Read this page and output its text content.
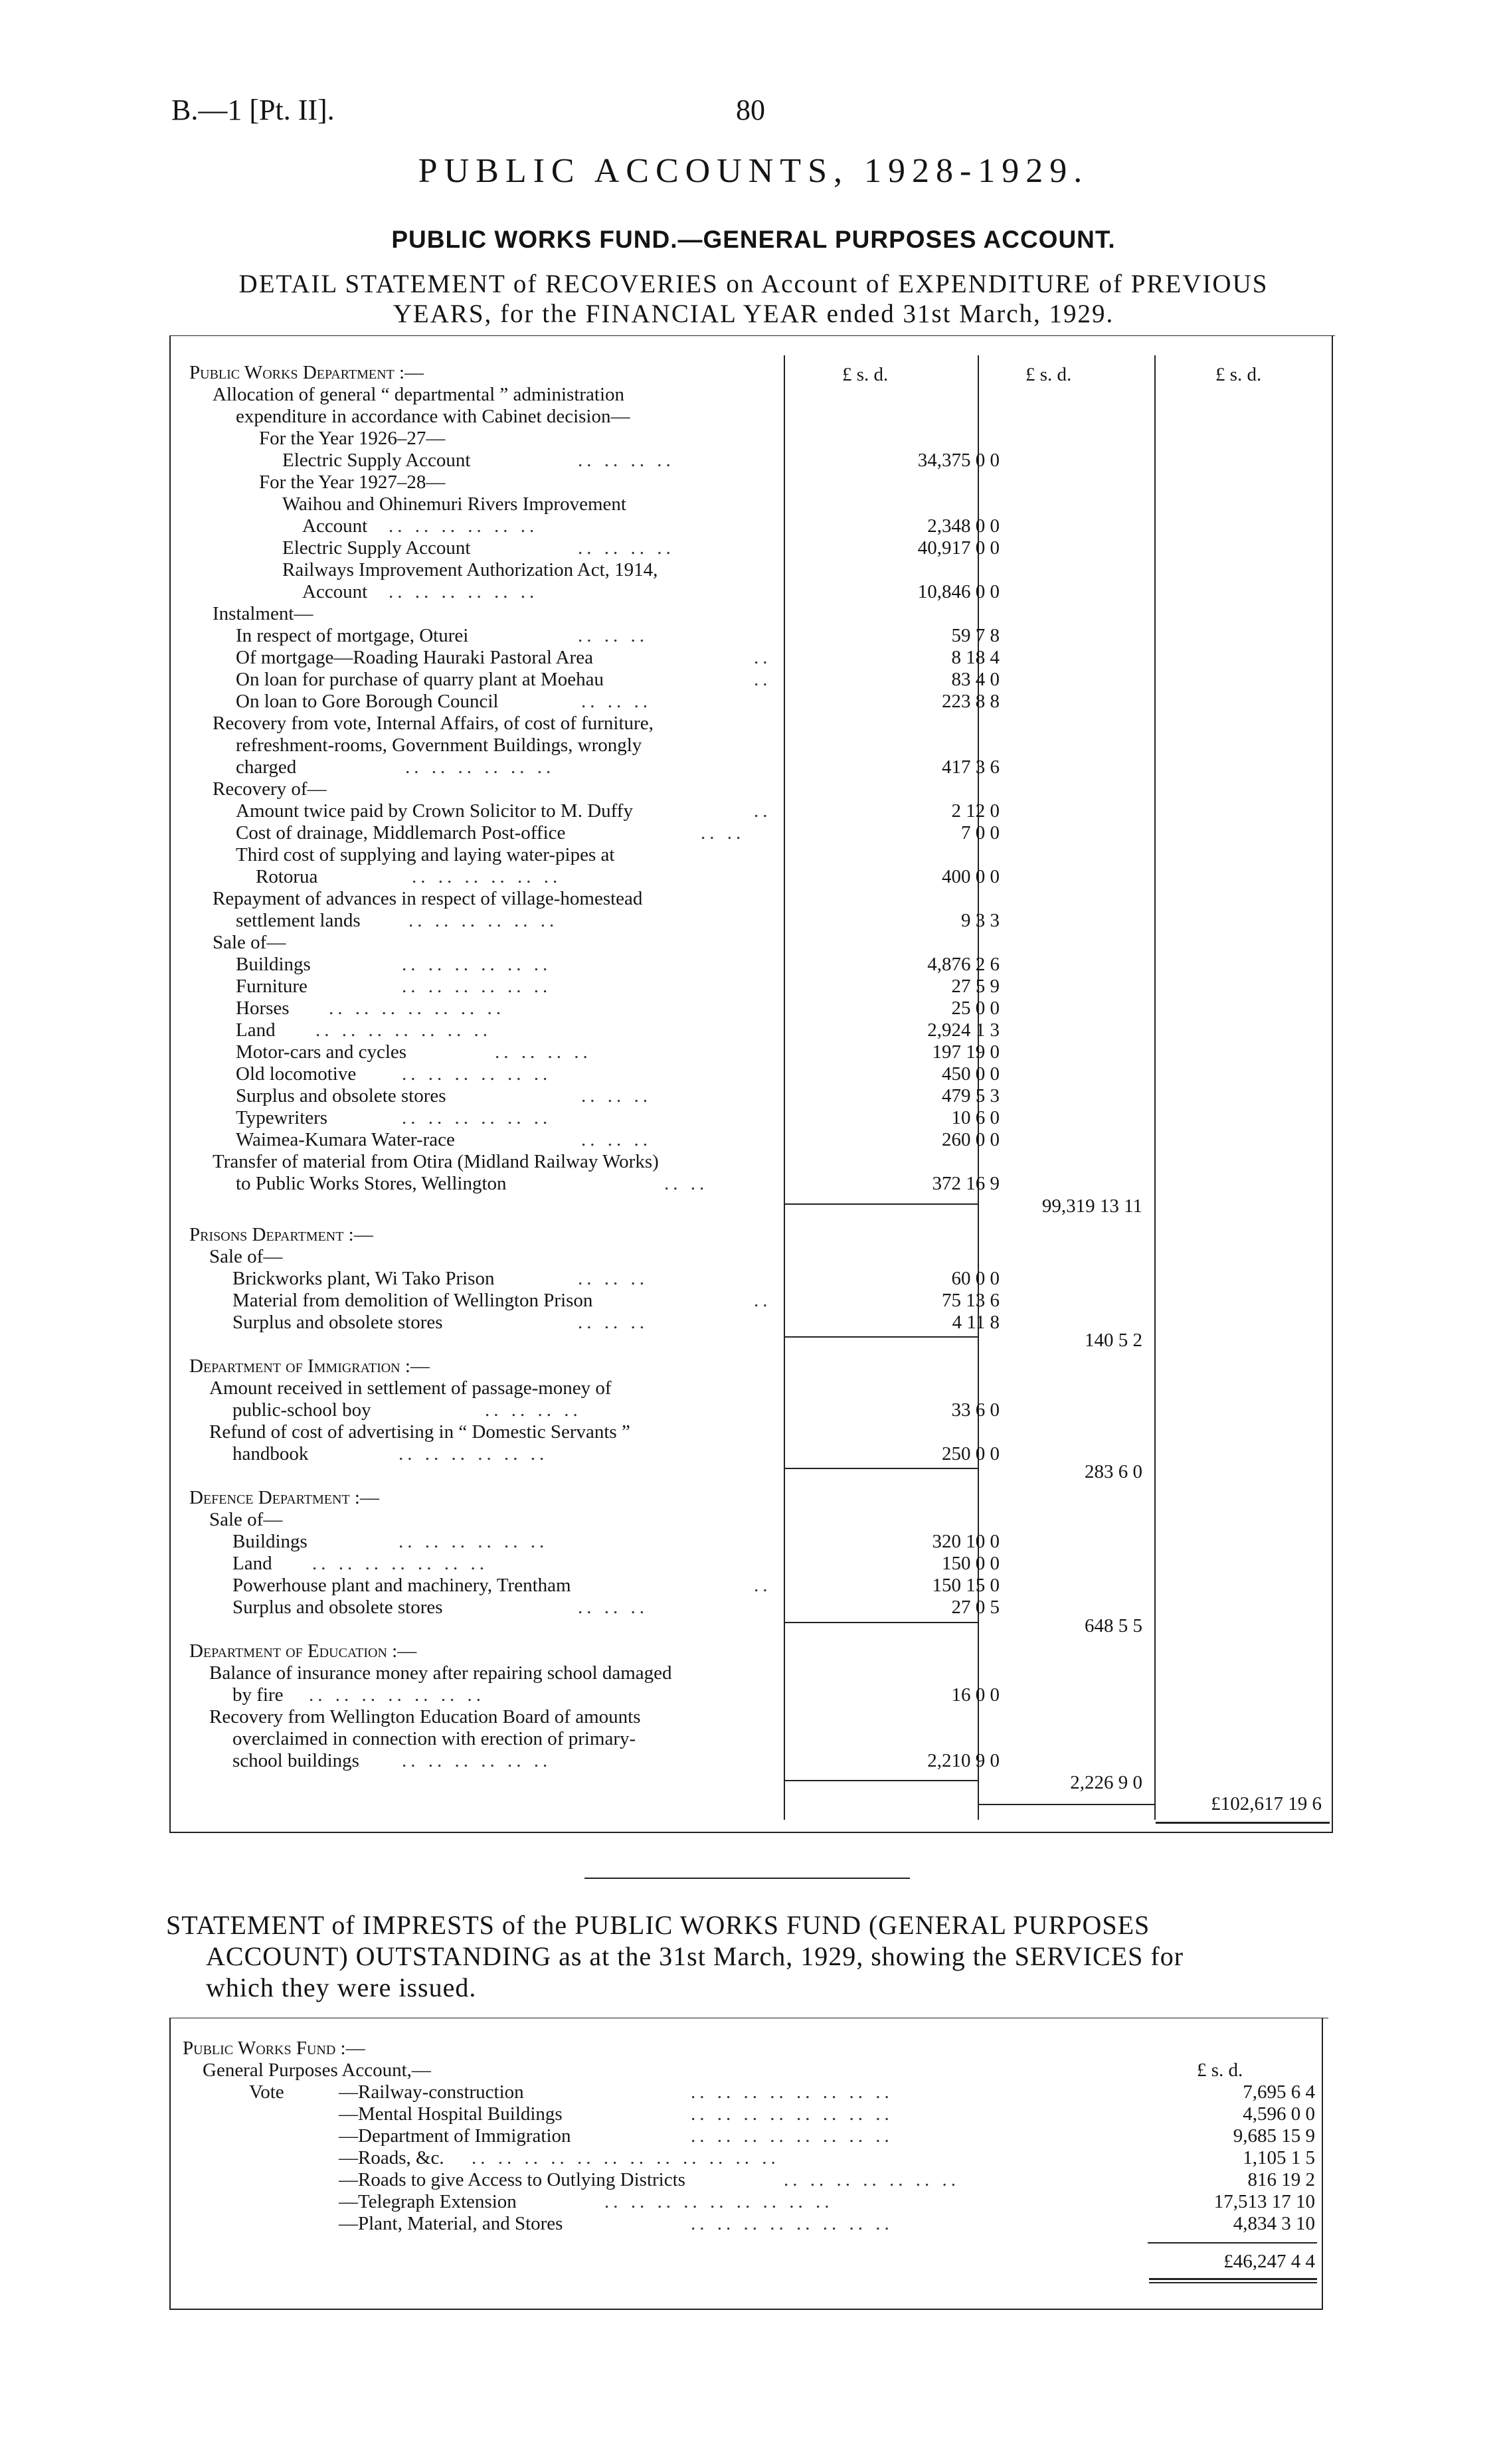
B.—1 [Pt. II].	80
PUBLIC ACCOUNTS, 1928-1929.
PUBLIC WORKS FUND.—GENERAL PURPOSES ACCOUNT.
DETAIL STATEMENT of RECOVERIES on Account of EXPENDITURE of PREVIOUS
YEARS, for the FINANCIAL YEAR ended 31st March, 1929.
£ s. d.	£ s. d.	£ s. d.
Public Works Department :—
Allocation of general “ departmental ” administration
expenditure in accordance with Cabinet decision—
For the Year 1926–27—
Electric Supply Account	.. .. .. ..	34,375 0 0
For the Year 1927–28—
Waihou and Ohinemuri Rivers Improvement
Account .. .. .. .. .. ..	2,348 0 0
Electric Supply Account	.. .. .. ..	40,917 0 0
Railways Improvement Authorization Act, 1914,
Account .. .. .. .. .. ..	10,846 0 0
Instalment—
In respect of mortgage, Oturei	.. .. ..	59 7 8
Of mortgage—Roading Hauraki Pastoral Area	..	8 18 4
On loan for purchase of quarry plant at Moehau	..	83 4 0
On loan to Gore Borough Council	.. .. ..	223 8 8
Recovery from vote, Internal Affairs, of cost of furniture,
refreshment-rooms, Government Buildings, wrongly
charged	.. .. .. .. .. ..	417 3 6
Recovery of—
Amount twice paid by Crown Solicitor to M. Duffy	..	2 12 0
Cost of drainage, Middlemarch Post-office	.. ..	7 0 0
Third cost of supplying and laying water-pipes at
Rotorua	.. .. .. .. .. ..	400 0 0
Repayment of advances in respect of village-homestead
settlement lands .. .. .. .. .. ..	9 3 3
Sale of—
Buildings	.. .. .. .. .. ..	4,876 2 6
Furniture	.. .. .. .. .. ..	27 5 9
Horses .. .. .. .. .. .. ..	25 0 0
Land .. .. .. .. .. .. ..	2,924 1 3
Motor-cars and cycles	.. .. .. ..	197 19 0
Old locomotive .. .. .. .. .. ..	450 0 0
Surplus and obsolete stores	.. .. ..	479 5 3
Typewriters	.. .. .. .. .. ..	10 6 0
Waimea-Kumara Water-race	.. .. ..	260 0 0
Transfer of material from Otira (Midland Railway Works)
to Public Works Stores, Wellington	.. ..	372 16 9
99,319 13 11
Prisons Department :—
Sale of—
Brickworks plant, Wi Tako Prison	.. .. ..	60 0 0
Material from demolition of Wellington Prison	..	75 13 6
Surplus and obsolete stores	.. .. ..	4 11 8
140 5 2
Department of Immigration :—
Amount received in settlement of passage-money of
public-school boy	.. .. .. ..	33 6 0
Refund of cost of advertising in “ Domestic Servants ”
handbook	.. .. .. .. .. ..	250 0 0
283 6 0
Defence Department :—
Sale of—
Buildings	.. .. .. .. .. ..	320 10 0
Land .. .. .. .. .. .. ..	150 0 0
Powerhouse plant and machinery, Trentham	..	150 15 0
Surplus and obsolete stores	.. .. ..	27 0 5
648 5 5
Department of Education :—
Balance of insurance money after repairing school damaged
by fire .. .. .. .. .. .. ..	16 0 0
Recovery from Wellington Education Board of amounts
overclaimed in connection with erection of primary-
school buildings .. .. .. .. .. ..	2,210 9 0
2,226 9 0
£102,617 19 6
STATEMENT of IMPRESTS of the PUBLIC WORKS FUND (GENERAL PURPOSES
ACCOUNT) OUTSTANDING as at the 31st March, 1929, showing the SERVICES for
which they were issued.
Public Works Fund :—
General Purposes Account,—	£ s. d.
Vote	—Railway-construction	.. .. .. .. .. .. .. ..	7,695 6 4
—Mental Hospital Buildings	.. .. .. .. .. .. .. ..	4,596 0 0
—Department of Immigration	.. .. .. .. .. .. .. ..	9,685 15 9
—Roads, &c. .. .. .. .. .. .. .. .. .. .. .. ..	1,105 1 5
—Roads to give Access to Outlying Districts	.. .. .. .. .. .. ..	816 19 2
—Telegraph Extension	.. .. .. .. .. .. .. .. ..	17,513 17 10
—Plant, Material, and Stores	.. .. .. .. .. .. .. ..	4,834 3 10
£46,247 4 4
